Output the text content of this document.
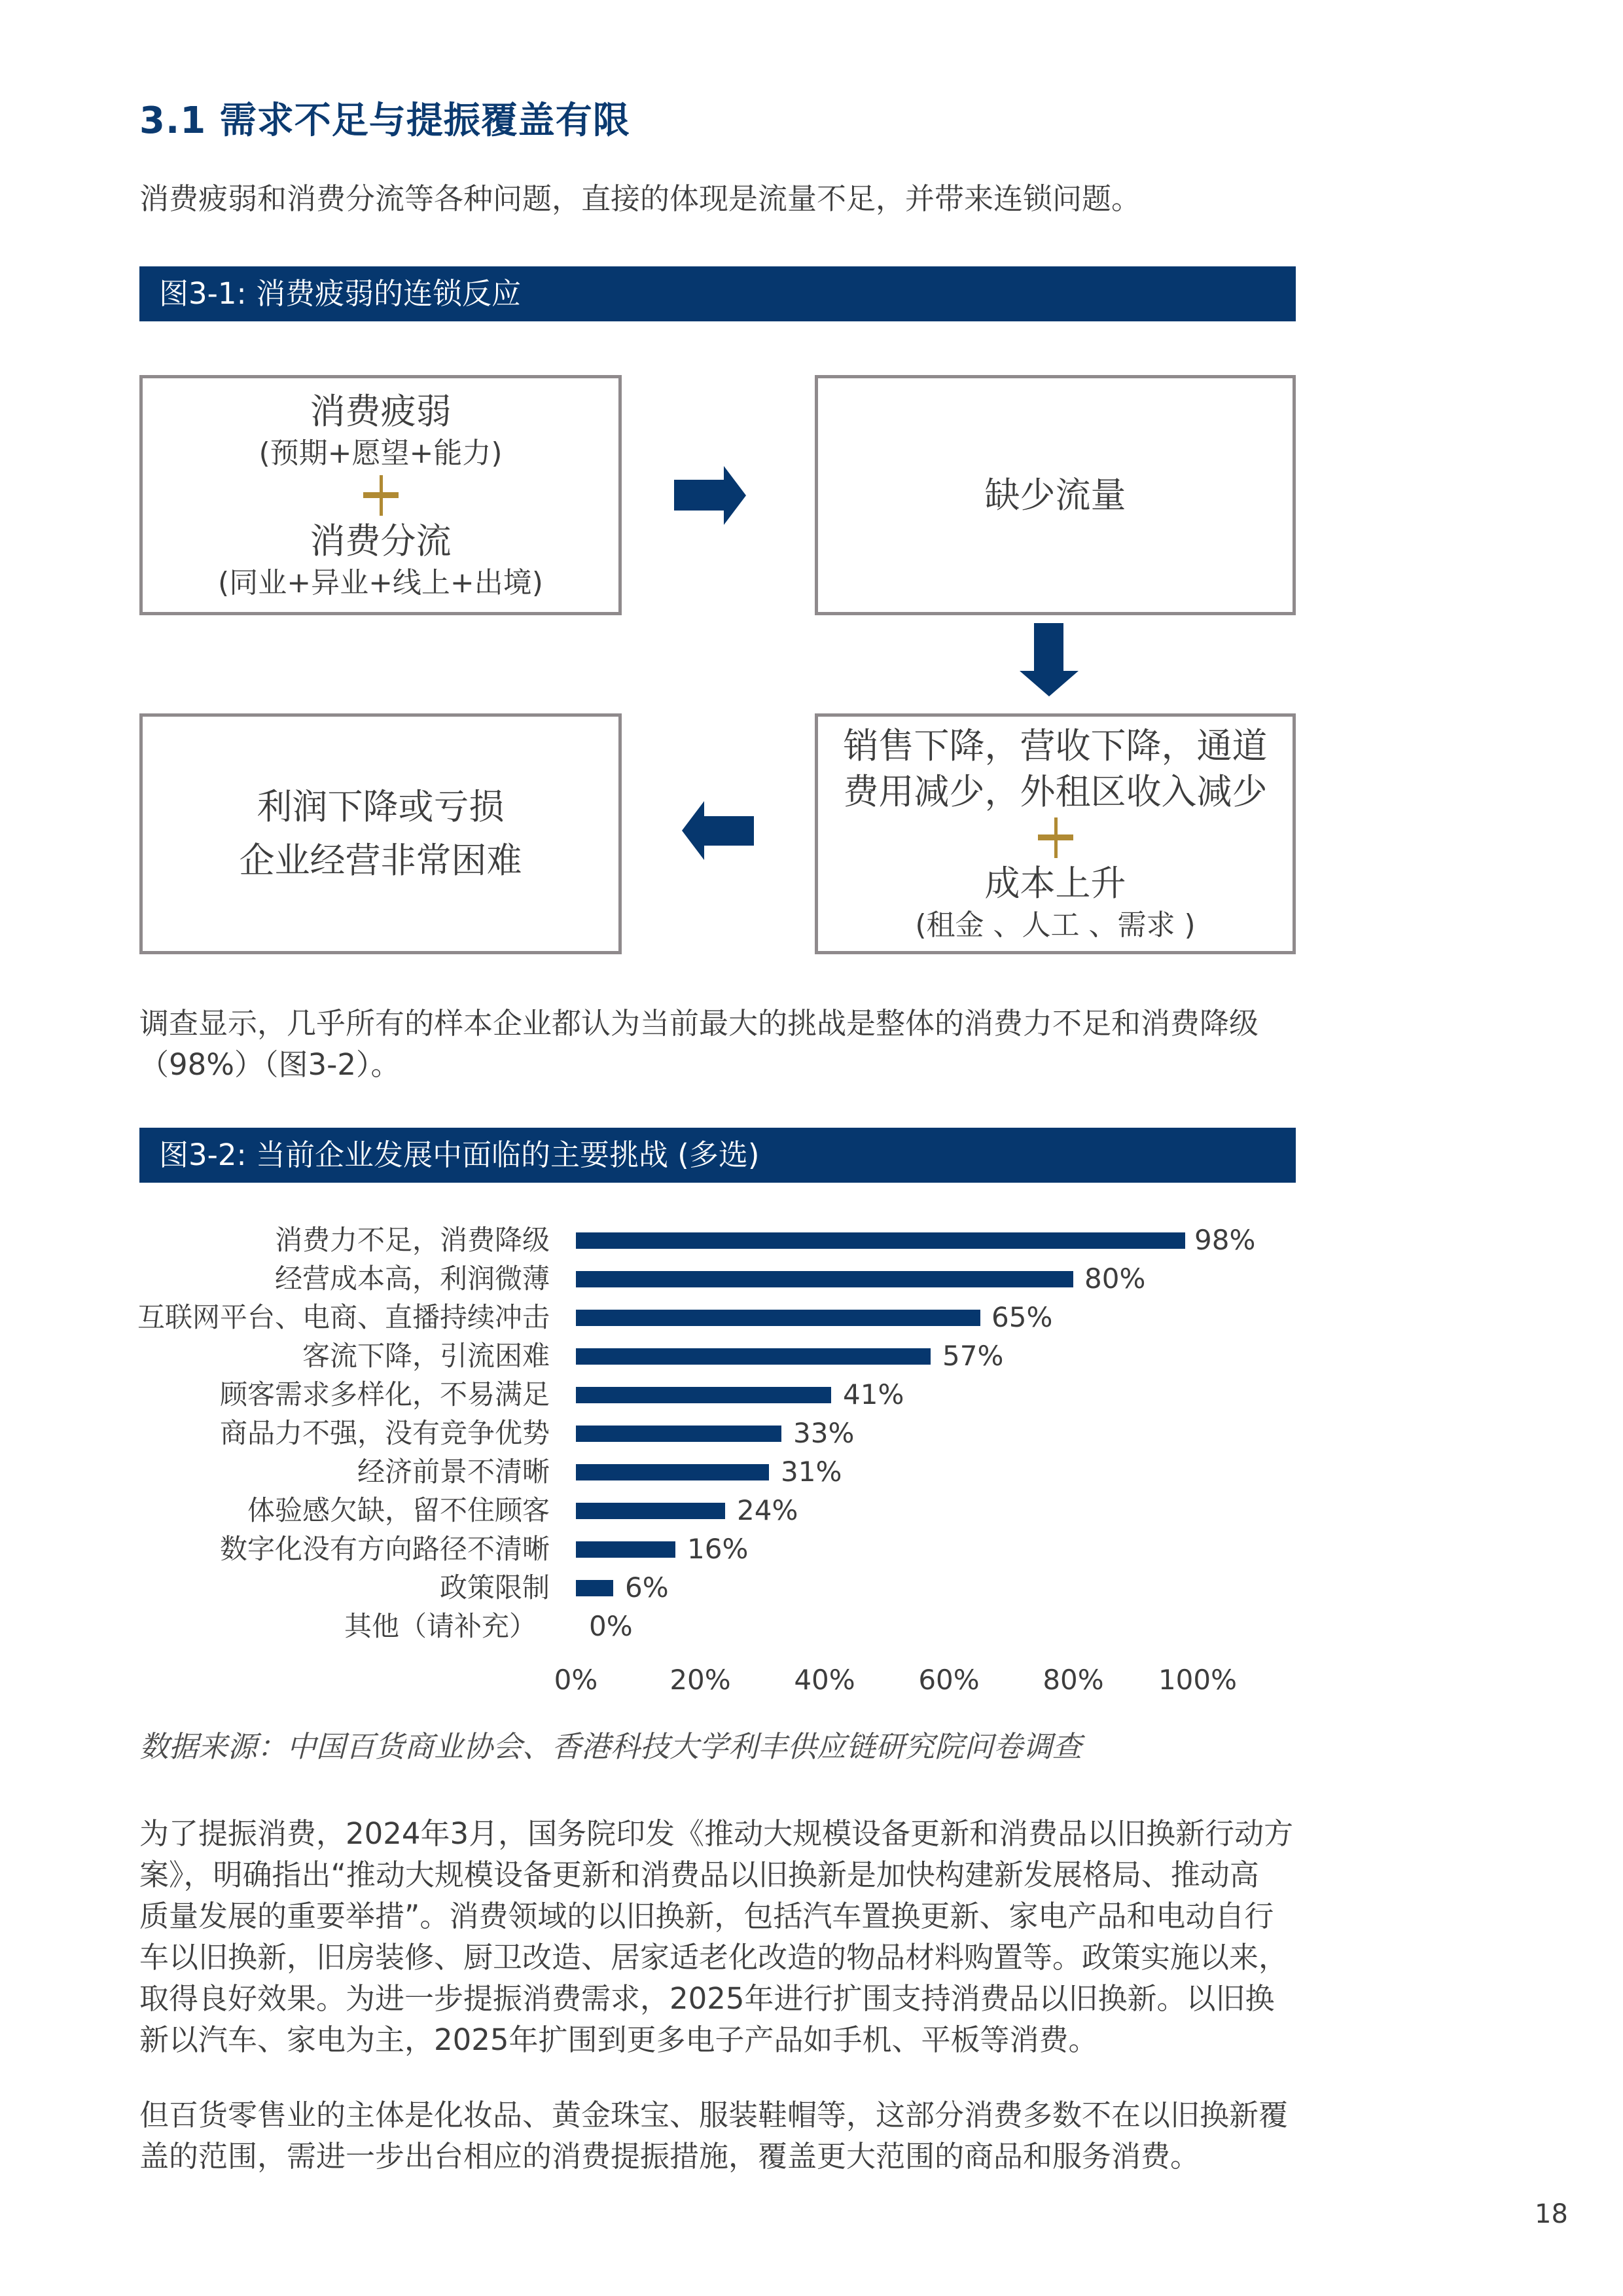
3.1 需求不足与提振覆盖有限
消费疲弱和消费分流等各种问题，直接的体现是流量不足，并带来连锁问题。
图3-1: 消费疲弱的连锁反应
消费疲弱
(预期+愿望+能力)
消费分流
(同业+异业+线上+出境)
缺少流量
销售下降，营收下降，通道
费用减少，外租区收入减少
成本上升
(租金 、人工 、需求 )
利润下降或亏损
企业经营非常困难
调查显示，几乎所有的样本企业都认为当前最大的挑战是整体的消费力不足和消费降级
（98%）（图3-2）。
图3-2: 当前企业发展中面临的主要挑战 (多选)
消费力不足，消费降级	98%
经营成本高，利润微薄	80%
互联网平台、电商、直播持续冲击	65%
客流下降，引流困难	57%
顾客需求多样化，不易满足	41%
商品力不强，没有竞争优势	33%
经济前景不清晰	31%
体验感欠缺，留不住顾客	24%
数字化没有方向路径不清晰	16%
政策限制	6%
其他（请补充） 0%
0%	20% 40% 60% 80% 100%
数据来源：中国百货商业协会、香港科技大学利丰供应链研究院问卷调查
为了提振消费，2024年3月，国务院印发《推动大规模设备更新和消费品以旧换新行动方
案》，明确指出“推动大规模设备更新和消费品以旧换新是加快构建新发展格局、推动高
质量发展的重要举措”。消费领域的以旧换新，包括汽车置换更新、家电产品和电动自行
车以旧换新，旧房装修、厨卫改造、居家适老化改造的物品材料购置等。政策实施以来，
取得良好效果。为进一步提振消费需求，2025年进行扩围支持消费品以旧换新。以旧换
新以汽车、家电为主，2025年扩围到更多电子产品如手机、平板等消费。
但百货零售业的主体是化妆品、黄金珠宝、服装鞋帽等，这部分消费多数不在以旧换新覆
盖的范围，需进一步出台相应的消费提振措施，覆盖更大范围的商品和服务消费。
18
